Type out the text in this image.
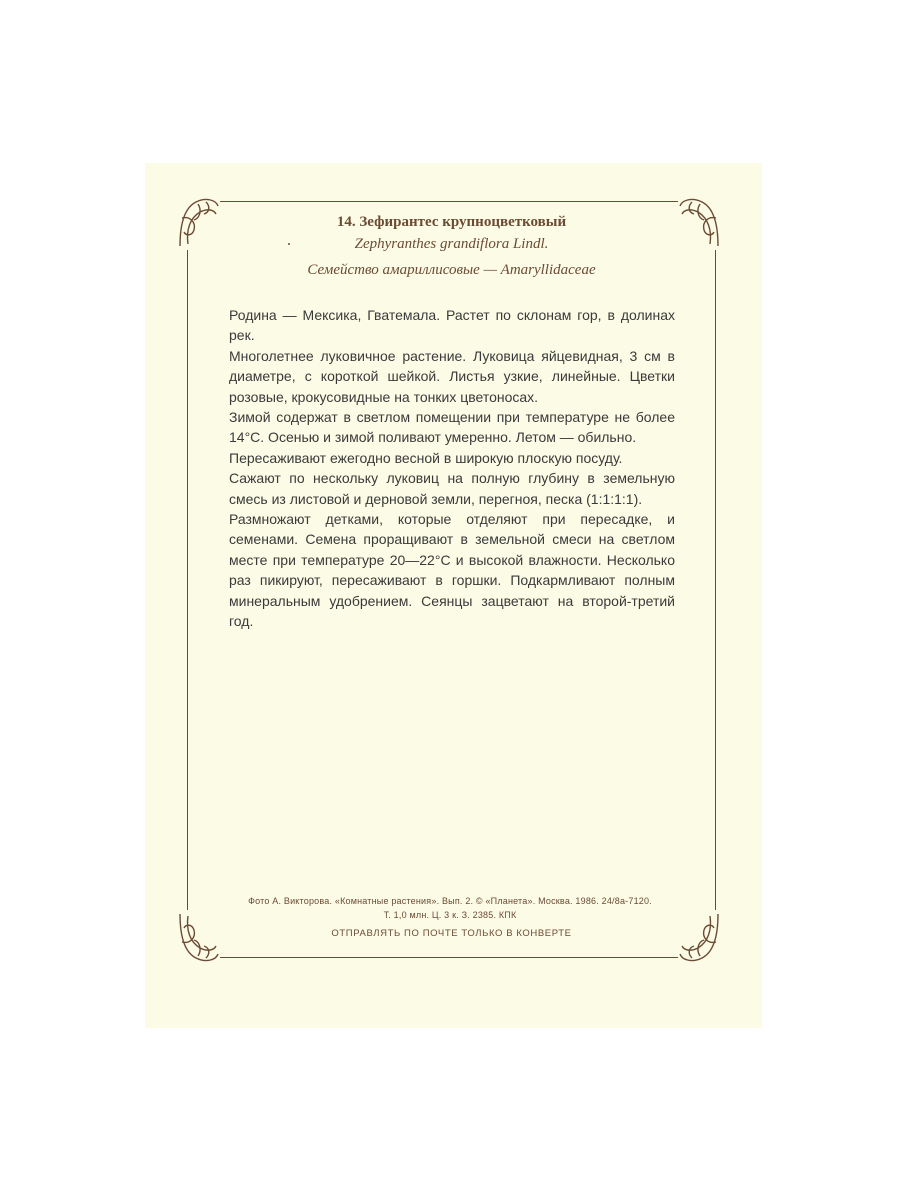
14. Зефирантес крупноцветковый

Zephyranthes grandiflora Lindl.

Семейство амариллисовые — Amaryllidaceae

Родина — Мексика, Гватемала. Растет по склонам гор, в долинах рек.

Многолетнее луковичное растение. Луковица яйцевидная, 3 см в диаметре, с короткой шейкой. Листья узкие, линейные. Цветки розовые, крокусовидные на тонких цветоносах.

Зимой содержат в светлом помещении при температуре не более 14°С. Осенью и зимой поливают умеренно. Летом — обильно.

Пересаживают ежегодно весной в широкую плоскую посуду.

Сажают по нескольку луковиц на полную глубину в земельную смесь из листовой и дерновой земли, перегноя, песка (1:1:1:1).

Размножают детками, которые отделяют при пересадке, и семенами. Семена проращивают в земельной смеси на светлом месте при температуре 20—22°С и высокой влажности. Несколько раз пикируют, пересаживают в горшки. Подкармливают полным минеральным удобрением. Сеянцы зацветают на второй-третий год.

Фото А. Викторова. «Комнатные растения». Вып. 2. © «Планета». Москва. 1986. 24/8а-7120.
Т. 1,0 млн. Ц. 3 к. З. 2385. КПК
ОТПРАВЛЯТЬ ПО ПОЧТЕ ТОЛЬКО В КОНВЕРТЕ
